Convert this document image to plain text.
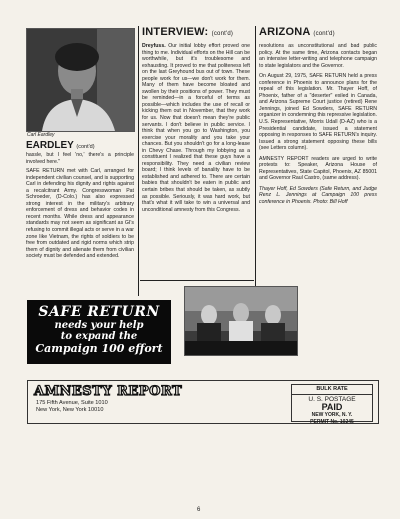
Carl Eardley
EARDLEY (cont'd)

hassle, but I feel 'no,' there's a principle involved here."

SAFE RETURN met with Carl, arranged for independent civilian counsel, and is supporting Carl in defending his dignity and rights against a recalcitrant Army. Congresswoman Pat Schroeder, (D-Colo.) has also expressed strong interest in the military's arbitrary enforcement of dress and behavior codes in recent months. While dress and appearance standards may not seem as significant as GI's refusing to commit illegal acts or serve in a war zone like Vietnam, the rights of soldiers to be free from outdated and rigid norms which strip them of dignity and alienate them from civilian society must be defended and extended.

INTERVIEW: (cont'd)

Dreyfuss. Our initial lobby effort proved one thing to me. Individual efforts on the Hill can be worthwhile, but it's troublesome and exhausting. It proved to me that politeness left on the last Greyhound bus out of town. These people work for us—we don't work for them. Many of them have become bloated and swollen by their positions of power. They must be reminded—in a forceful of terms as possible—which includes the use of recall or kicking them out in November, that they work for us. Now that doesn't mean they're public servants. I don't believe in public service. I think that when you go to Washington, you exercise your morality and you take your chances. But you shouldn't go for a long-lease in Chevy Chase. Through my lobbying as a constituent I realized that these guys have a responsibility. They need a civilian review board; I think levels of banality have to be established and adhered to. There are certain babies that shouldn't be eaten in public and certain bribes that should be taken, as subtly as possible. Seriously, it was hard work, but that's what it will take to win a universal and unconditional amnesty from this Congress.

ARIZONA (cont'd)

resolutions as unconstitutional and bad public policy. At the same time, Arizona contacts began an intensive letter-writing and telephone campaign to state legislators and the Governor.

On August 29, 1975, SAFE RETURN held a press conference in Phoenix to announce plans for the repeal of this legislation. Mr. Thayer Hoff, of Phoenix, father of a "deserter" exiled in Canada, and Arizona Supreme Court justice (retired) Rene Jennings, joined Ed Sowders, SAFE RETURN organizer in condemning this repressive legislation. U.S. Representative, Morris Udall (D-AZ) who is a Presidential candidate, issued a statement opposing in responses to SAFE RETURN's inquiry. Issued a strong statement opposing these bills (see Letters column).

AMNESTY REPORT readers are urged to write protests to: Speaker, Arizona House of Representatives, State Capitol, Phoenix, AZ 85001 and Governor Raul Castro, (same address).

Thayer Hoff, Ed Sowders (Safe Return, and Judge Renz L. Jennings at Campaign 100 press conference in Phoenix. Photo: Bill Hoff

SAFE RETURN
needs your help
to expand the
Campaign 100 effort
AMNESTY REPORT
175 Fifth Avenue, Suite 1010
New York, New York 10010
BULK RATE
U. S. POSTAGE
PAID
NEW YORK, N. Y.
PERMIT No. 10245
6
